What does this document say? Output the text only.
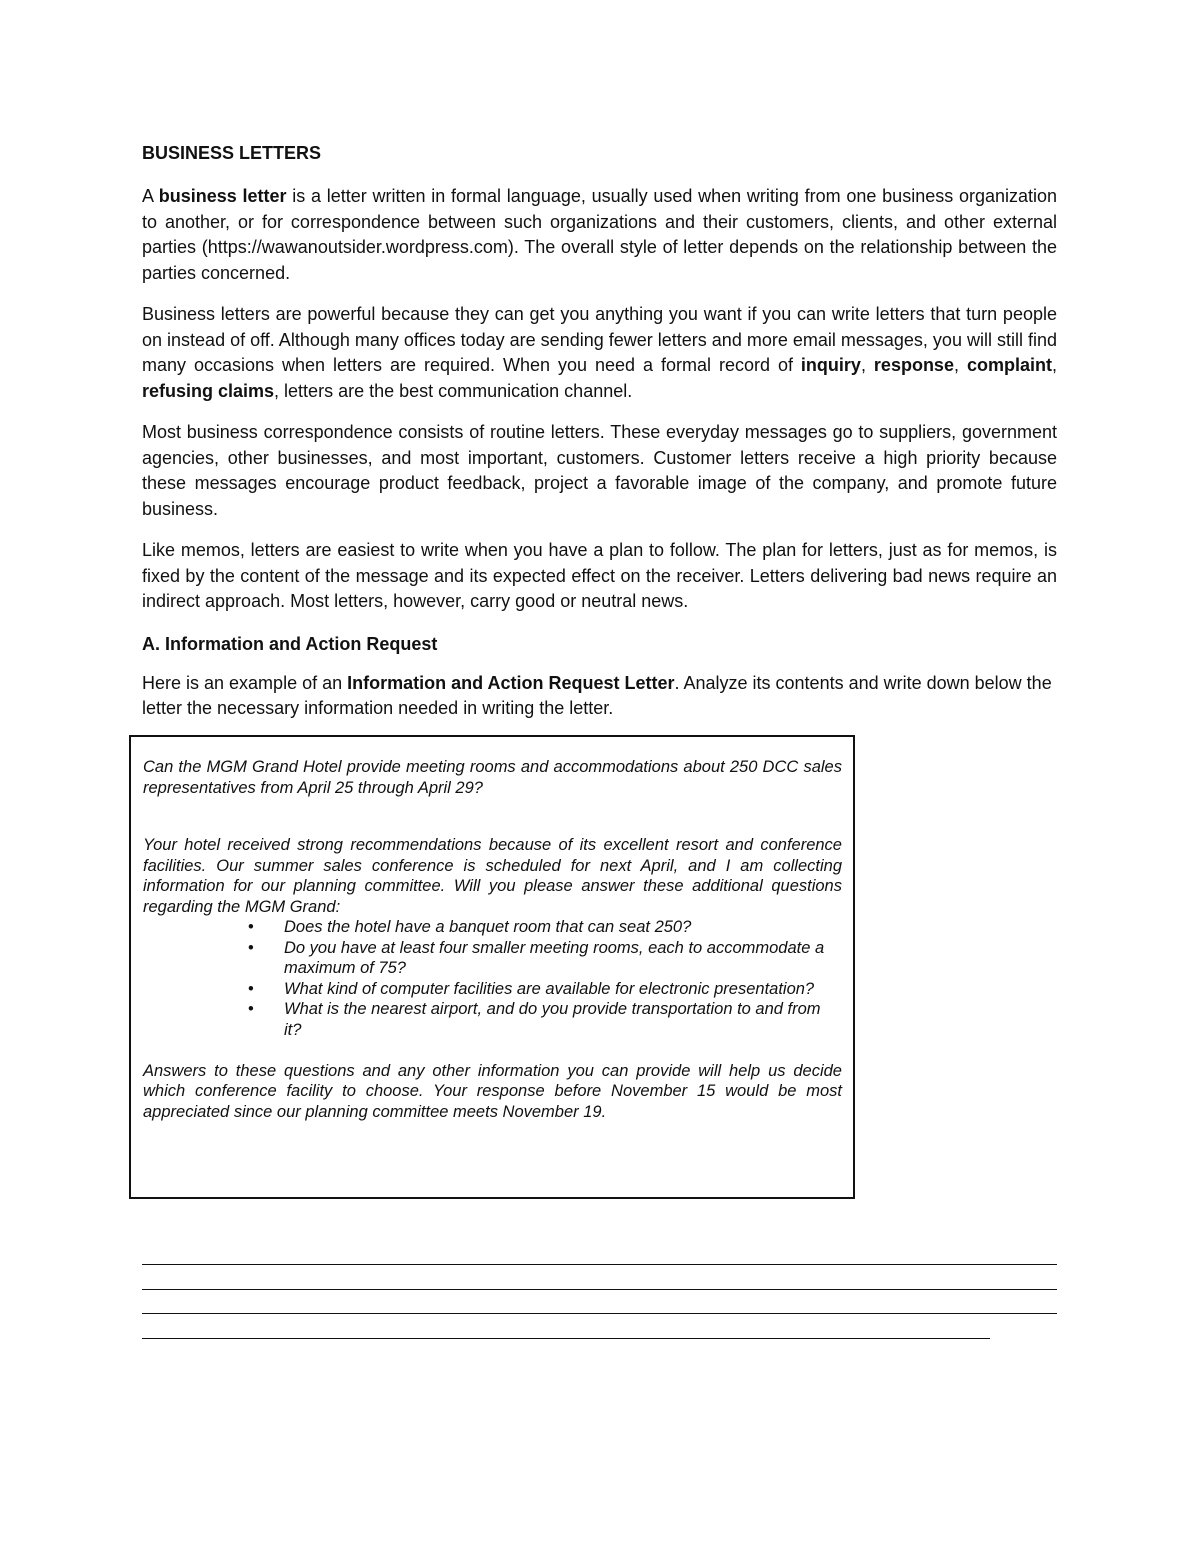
BUSINESS LETTERS

A business letter is a letter written in formal language, usually used when writing from one business organization to another, or for correspondence between such organizations and their customers, clients, and other external parties (https://wawanoutsider.wordpress.com). The overall style of letter depends on the relationship between the parties concerned.

Business letters are powerful because they can get you anything you want if you can write letters that turn people on instead of off. Although many offices today are sending fewer letters and more email messages, you will still find many occasions when letters are required. When you need a formal record of inquiry, response, complaint, refusing claims, letters are the best communication channel.

Most business correspondence consists of routine letters. These everyday messages go to suppliers, government agencies, other businesses, and most important, customers. Customer letters receive a high priority because these messages encourage product feedback, project a favorable image of the company, and promote future business.

Like memos, letters are easiest to write when you have a plan to follow. The plan for letters, just as for memos, is fixed by the content of the message and its expected effect on the receiver. Letters delivering bad news require an indirect approach. Most letters, however, carry good or neutral news.

A. Information and Action Request

Here is an example of an Information and Action Request Letter. Analyze its contents and write down below the letter the necessary information needed in writing the letter.

Can the MGM Grand Hotel provide meeting rooms and accommodations about 250 DCC sales representatives from April 25 through April 29?

Your hotel received strong recommendations because of its excellent resort and conference facilities. Our summer sales conference is scheduled for next April, and I am collecting information for our planning committee. Will you please answer these additional questions regarding the MGM Grand:

• Does the hotel have a banquet room that can seat 250?
• Do you have at least four smaller meeting rooms, each to accommodate a maximum of 75?
• What kind of computer facilities are available for electronic presentation?
• What is the nearest airport, and do you provide transportation to and from it?

Answers to these questions and any other information you can provide will help us decide which conference facility to choose. Your response before November 15 would be most appreciated since our planning committee meets November 19.
